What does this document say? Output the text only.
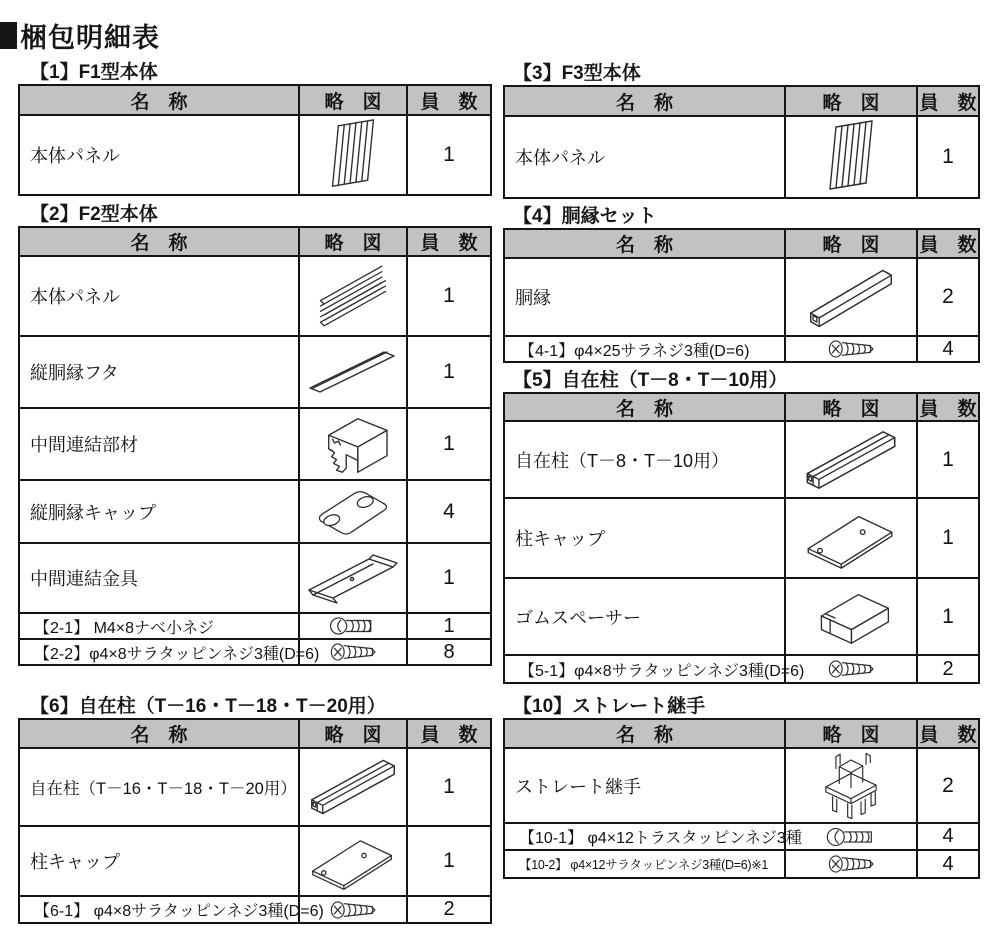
梱包明細表
【1】F1型本体
名　称	略　図	員　数
本体パネル	1
【3】F3型本体
名　称	略　図	員　数
本体パネル	1
【2】F2型本体
名　称	略　図	員　数
本体パネル	1
縦胴縁フタ	1
中間連結部材	1
縦胴縁キャップ	4
中間連結金具	1
【2-1】 M4×8ナベ小ネジ	1
【2-2】φ4×8サラタッピンネジ3種(D=6)	8
【4】胴縁セット
名　称	略　図	員　数
胴縁	2
【4-1】φ4×25サラネジ3種(D=6)	4
【5】自在柱（T－8・T－10用）
名　称	略　図	員　数
自在柱（T－8・T－10用）	1
柱キャップ	1
ゴムスペーサー	1
【5-1】φ4×8サラタッピンネジ3種(D=6)	2
【6】自在柱（T－16・T－18・T－20用）
名　称	略　図	員　数
自在柱（T－16・T－18・T－20用）	1
柱キャップ	1
【6-1】 φ4×8サラタッピンネジ3種(D=6)	2
【10】ストレート継手
名　称	略　図	員　数
ストレート継手	2
【10-1】 φ4×12トラスタッピンネジ3種	4
【10-2】 φ4×12サラタッピンネジ3種(D=6)※1	4
